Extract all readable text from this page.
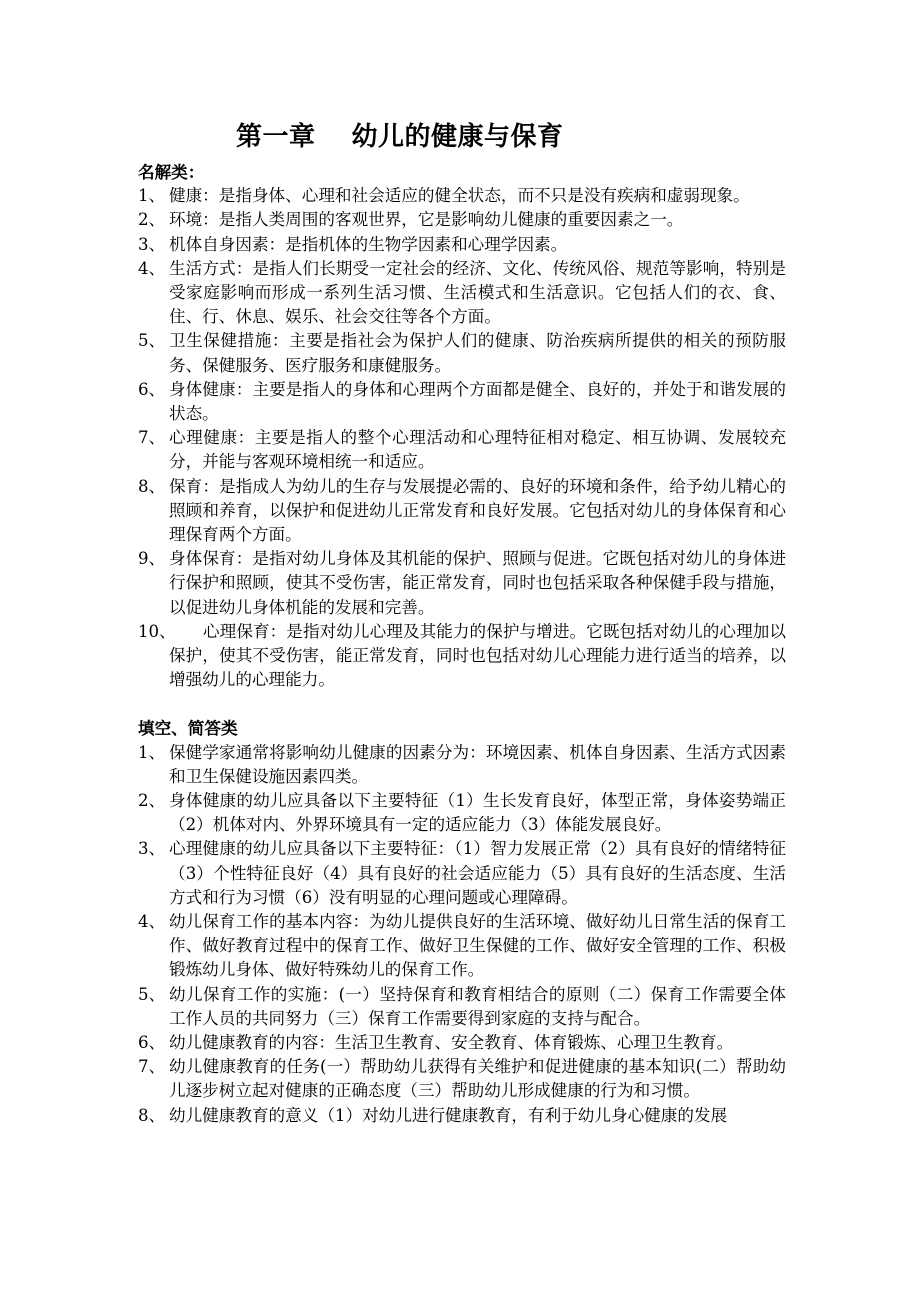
第一章　 幼儿的健康与保育
名解类：
1、 健康：是指身体、心理和社会适应的健全状态，而不只是没有疾病和虚弱现象。
2、 环境：是指人类周围的客观世界，它是影响幼儿健康的重要因素之一。
3、 机体自身因素：是指机体的生物学因素和心理学因素。
4、 生活方式：是指人们长期受一定社会的经济、文化、传统风俗、规范等影响，特别是受家庭影响而形成一系列生活习惯、生活模式和生活意识。它包括人们的衣、食、住、行、休息、娱乐、社会交往等各个方面。
5、 卫生保健措施：主要是指社会为保护人们的健康、防治疾病所提供的相关的预防服务、保健服务、医疗服务和康健服务。
6、 身体健康：主要是指人的身体和心理两个方面都是健全、良好的，并处于和谐发展的状态。
7、 心理健康：主要是指人的整个心理活动和心理特征相对稳定、相互协调、发展较充分，并能与客观环境相统一和适应。
8、 保育：是指成人为幼儿的生存与发展提必需的、良好的环境和条件，给予幼儿精心的照顾和养育，以保护和促进幼儿正常发育和良好发展。它包括对幼儿的身体保育和心理保育两个方面。
9、 身体保育：是指对幼儿身体及其机能的保护、照顾与促进。它既包括对幼儿的身体进行保护和照顾，使其不受伤害，能正常发育，同时也包括采取各种保健手段与措施，以促进幼儿身体机能的发展和完善。
10、	心理保育：是指对幼儿心理及其能力的保护与增进。它既包括对幼儿的心理加以保护，使其不受伤害，能正常发育，同时也包括对幼儿心理能力进行适当的培养，以增强幼儿的心理能力。
填空、简答类
1、 保健学家通常将影响幼儿健康的因素分为：环境因素、机体自身因素、生活方式因素和卫生保健设施因素四类。
2、 身体健康的幼儿应具备以下主要特征（1）生长发育良好，体型正常，身体姿势端正（2）机体对内、外界环境具有一定的适应能力（3）体能发展良好。
3、 心理健康的幼儿应具备以下主要特征：（1）智力发展正常（2）具有良好的情绪特征（3）个性特征良好（4）具有良好的社会适应能力（5）具有良好的生活态度、生活方式和行为习惯（6）没有明显的心理问题或心理障碍。
4、 幼儿保育工作的基本内容：为幼儿提供良好的生活环境、做好幼儿日常生活的保育工作、做好教育过程中的保育工作、做好卫生保健的工作、做好安全管理的工作、积极锻炼幼儿身体、做好特殊幼儿的保育工作。
5、 幼儿保育工作的实施：(一）坚持保育和教育相结合的原则（二）保育工作需要全体工作人员的共同努力（三）保育工作需要得到家庭的支持与配合。
6、 幼儿健康教育的内容：生活卫生教育、安全教育、体育锻炼、心理卫生教育。
7、 幼儿健康教育的任务(一）帮助幼儿获得有关维护和促进健康的基本知识(二）帮助幼儿逐步树立起对健康的正确态度（三）帮助幼儿形成健康的行为和习惯。
8、 幼儿健康教育的意义（1）对幼儿进行健康教育，有利于幼儿身心健康的发展
